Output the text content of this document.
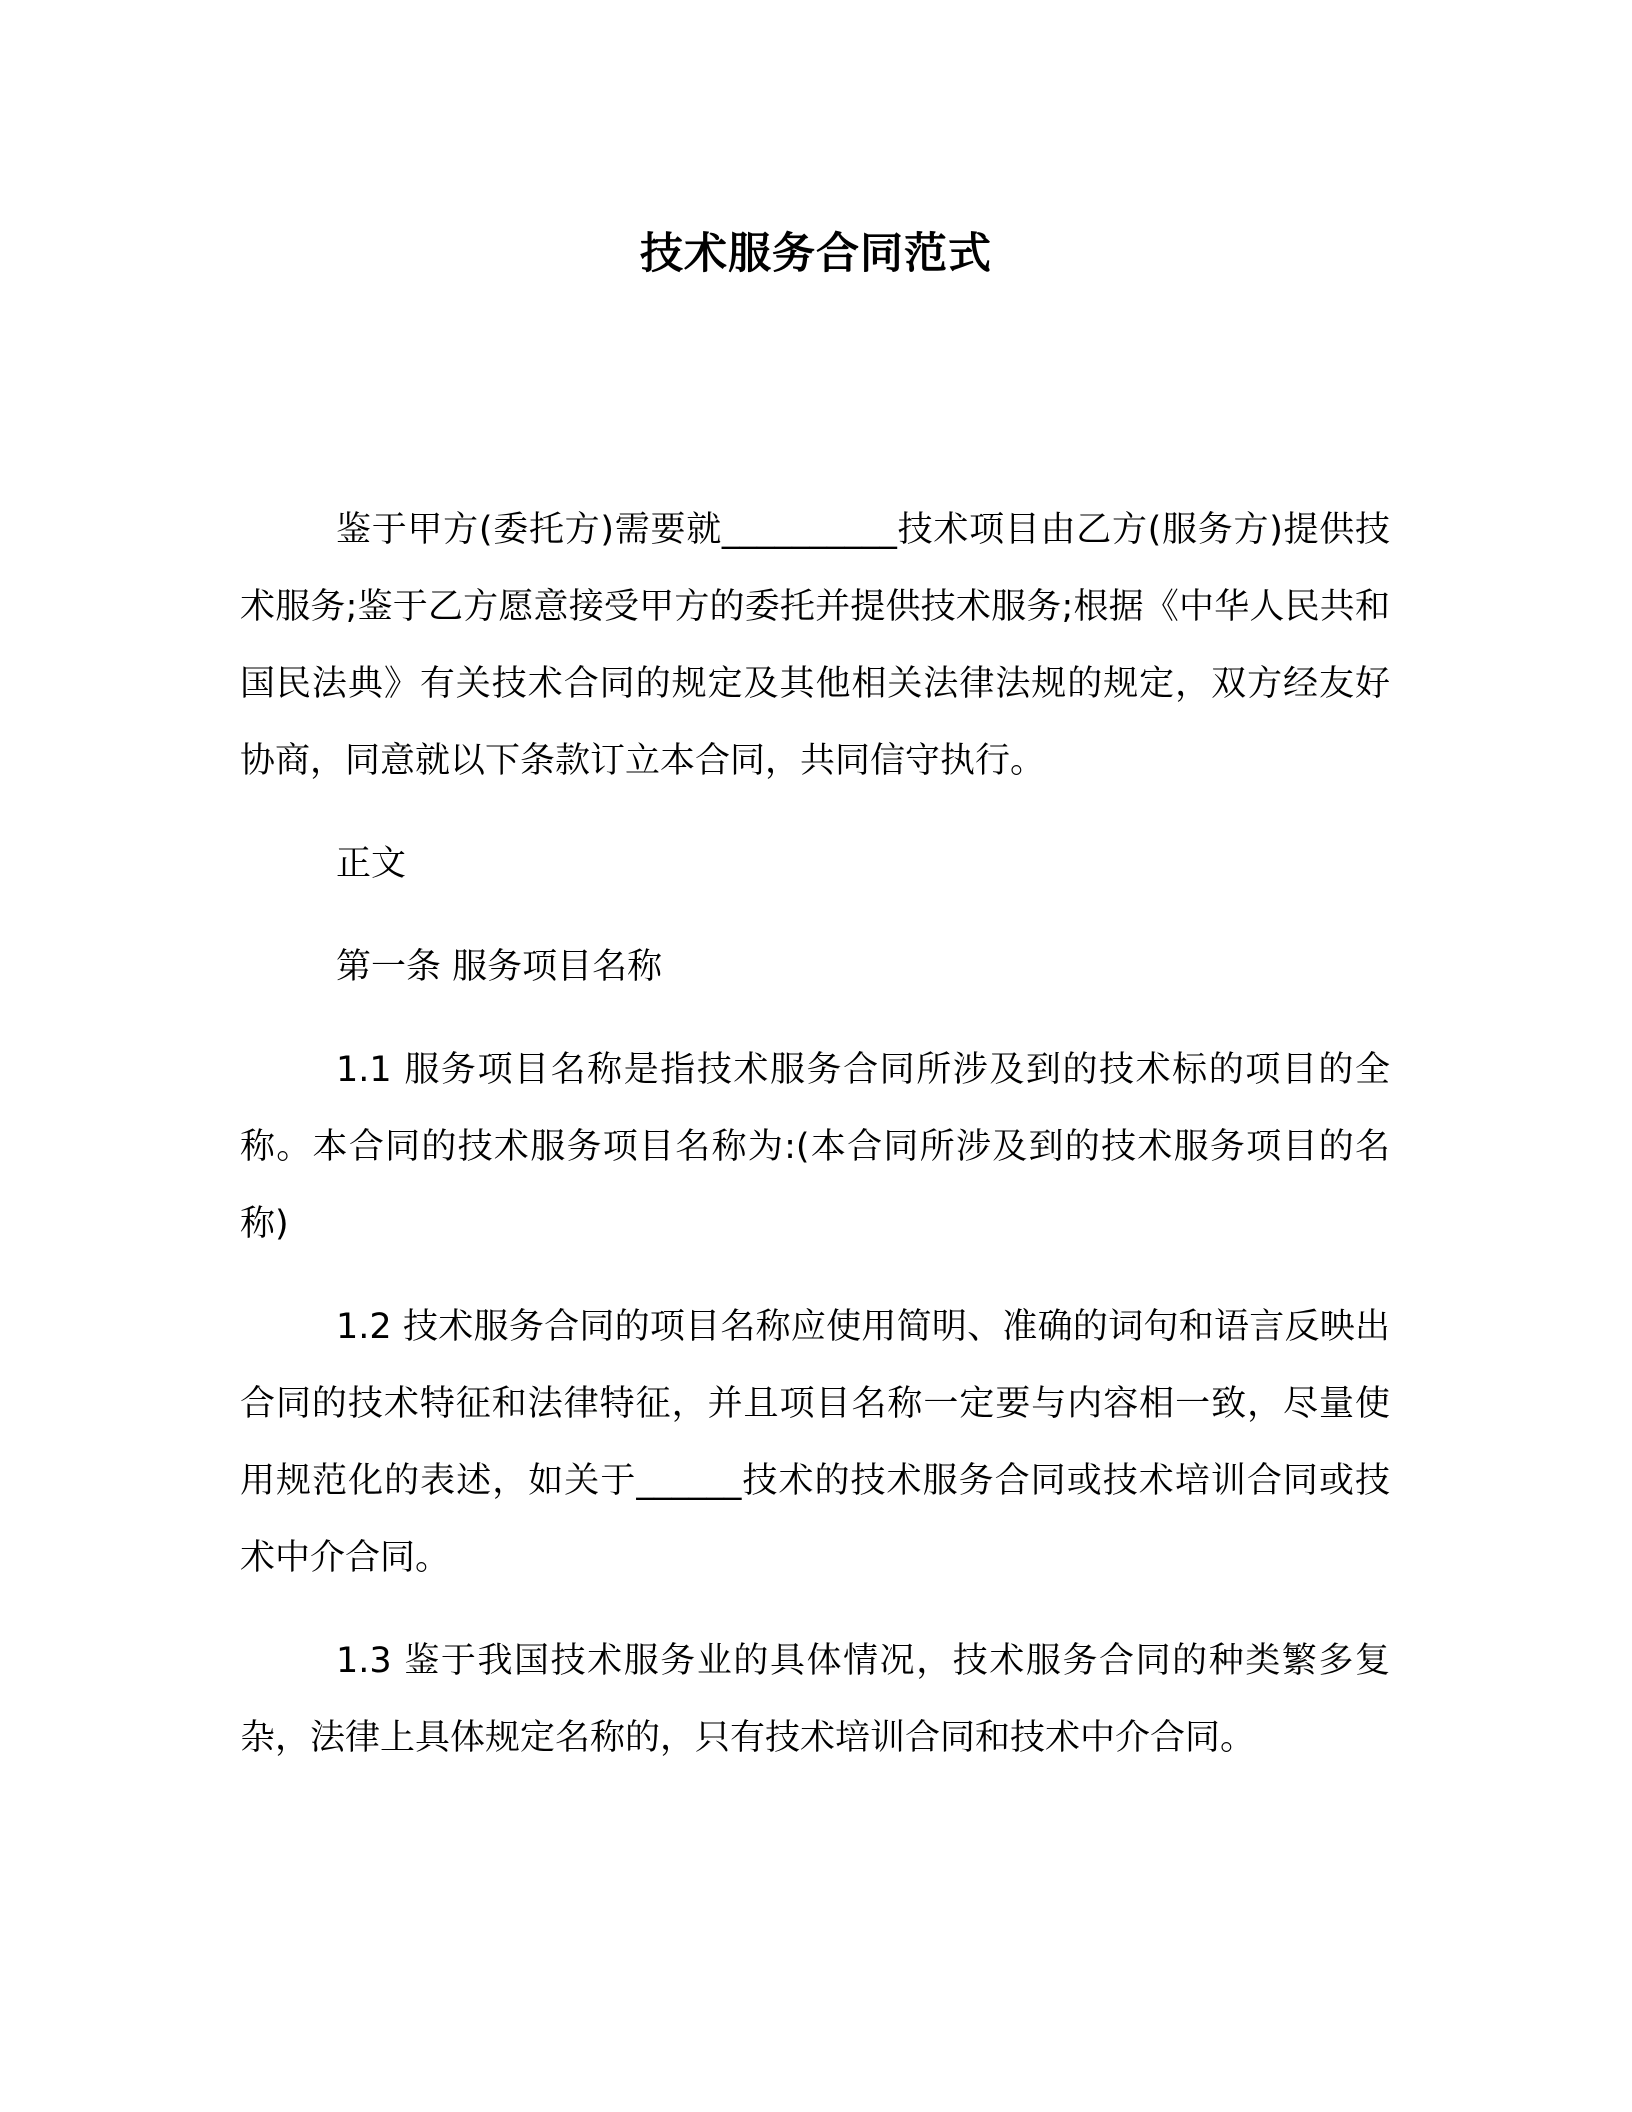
技术服务合同范式

鉴于甲方(委托方)需要就__________技术项目由乙方(服务方)提供技术服务;鉴于乙方愿意接受甲方的委托并提供技术服务;根据《中华人民共和国民法典》有关技术合同的规定及其他相关法律法规的规定，双方经友好协商，同意就以下条款订立本合同，共同信守执行。

正文

第一条 服务项目名称

1.1 服务项目名称是指技术服务合同所涉及到的技术标的项目的全称。本合同的技术服务项目名称为:(本合同所涉及到的技术服务项目的名称)

1.2 技术服务合同的项目名称应使用简明、准确的词句和语言反映出合同的技术特征和法律特征，并且项目名称一定要与内容相一致，尽量使用规范化的表述，如关于______技术的技术服务合同或技术培训合同或技术中介合同。

1.3 鉴于我国技术服务业的具体情况，技术服务合同的种类繁多复杂，法律上具体规定名称的，只有技术培训合同和技术中介合同。
